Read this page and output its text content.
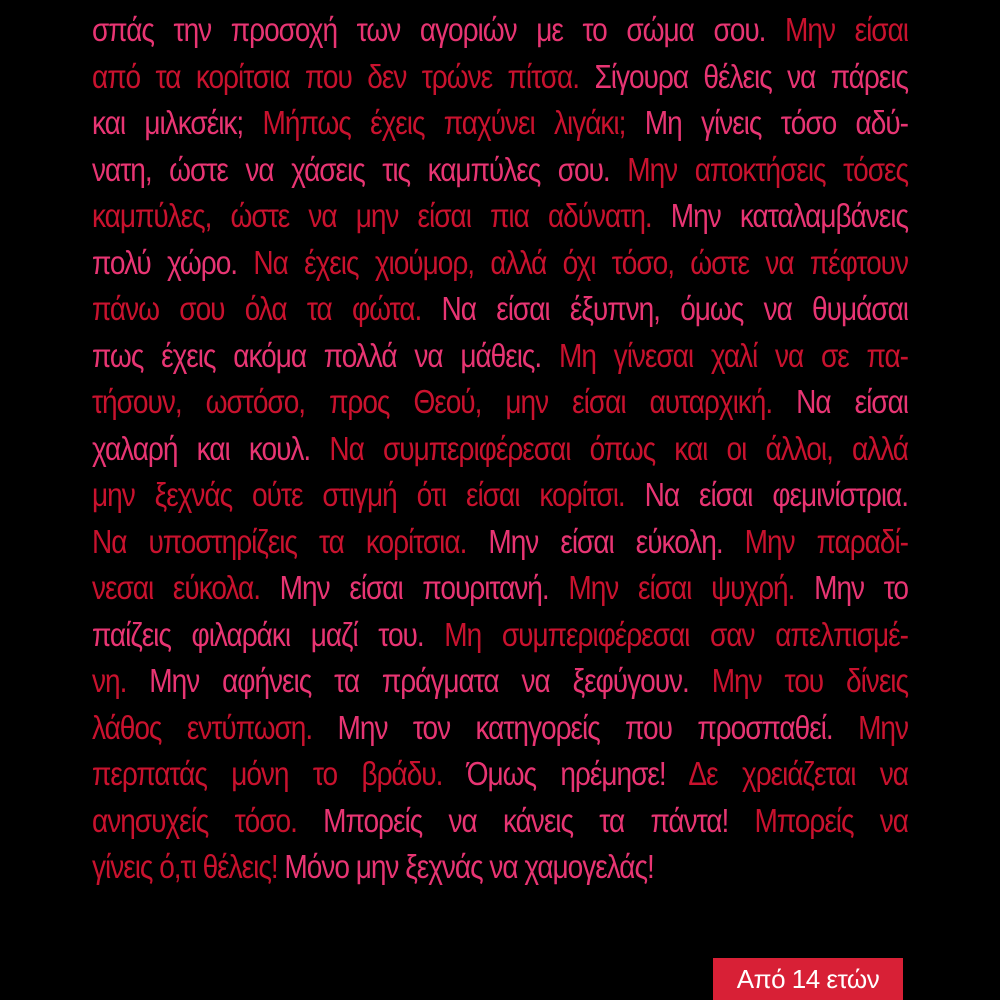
σπάς την προσοχή των αγοριών με το σώμα σου. Μην είσαι
από τα κορίτσια που δεν τρώνε πίτσα. Σίγουρα θέλεις να πάρεις
και μιλκσέικ; Μήπως έχεις παχύνει λιγάκι; Μη γίνεις τόσο αδύ-
νατη, ώστε να χάσεις τις καμπύλες σου. Μην αποκτήσεις τόσες
καμπύλες, ώστε να μην είσαι πια αδύνατη. Μην καταλαμβάνεις
πολύ χώρο. Να έχεις χιούμορ, αλλά όχι τόσο, ώστε να πέφτουν
πάνω σου όλα τα φώτα. Να είσαι έξυπνη, όμως να θυμάσαι
πως έχεις ακόμα πολλά να μάθεις. Μη γίνεσαι χαλί να σε πα-
τήσουν, ωστόσο, προς Θεού, μην είσαι αυταρχική. Να είσαι
χαλαρή και κουλ. Να συμπεριφέρεσαι όπως και οι άλλοι, αλλά
μην ξεχνάς ούτε στιγμή ότι είσαι κορίτσι. Να είσαι φεμινίστρια.
Να υποστηρίζεις τα κορίτσια. Μην είσαι εύκολη. Μην παραδί-
νεσαι εύκολα. Μην είσαι πουριτανή. Μην είσαι ψυχρή. Μην το
παίζεις φιλαράκι μαζί του. Μη συμπεριφέρεσαι σαν απελπισμέ-
νη. Μην αφήνεις τα πράγματα να ξεφύγουν. Μην του δίνεις
λάθος εντύπωση. Μην τον κατηγορείς που προσπαθεί. Μην
περπατάς μόνη το βράδυ. Όμως ηρέμησε! Δε χρειάζεται να
ανησυχείς τόσο. Μπορείς να κάνεις τα πάντα! Μπορείς να
γίνεις ό,τι θέλεις! Μόνο μην ξεχνάς να χαμογελάς!
Από 14 ετών
